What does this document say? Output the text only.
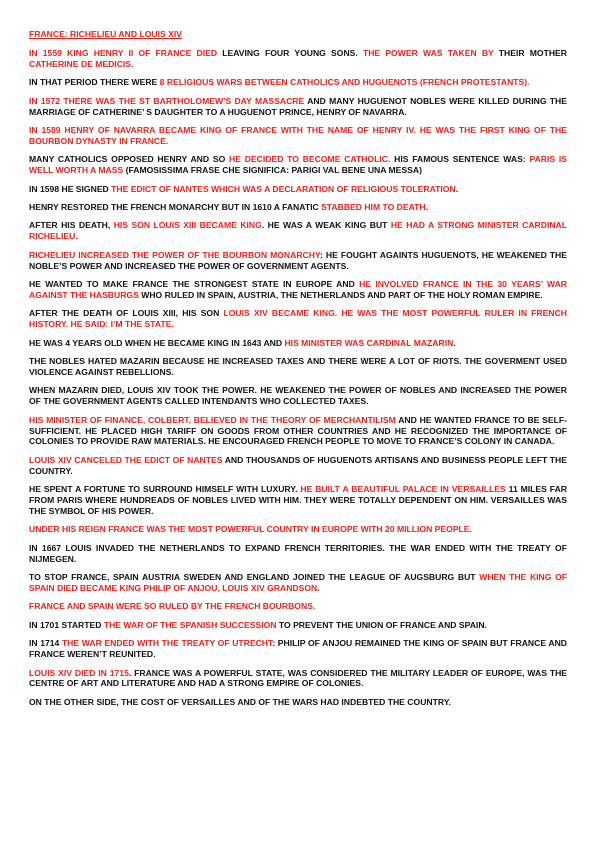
FRANCE: RICHELIEU AND LOUIS XIV

IN 1559 KING HENRY II OF FRANCE DIED LEAVING FOUR YOUNG SONS. THE POWER WAS TAKEN BY THEIR MOTHER CATHERINE DE MEDICIS.

IN THAT PERIOD THERE WERE 8 RELIGIOUS WARS BETWEEN CATHOLICS AND HUGUENOTS (FRENCH PROTESTANTS).

IN 1572 THERE WAS THE ST BARTHOLOMEW’S DAY MASSACRE AND MANY HUGUENOT NOBLES WERE KILLED DURING THE MARRIAGE OF CATHERINE’ S DAUGHTER TO A HUGUENOT PRINCE, HENRY OF NAVARRA.

IN 1589 HENRY OF NAVARRA BECAME KING OF FRANCE WITH THE NAME OF HENRY IV. HE WAS THE FIRST KING OF THE BOURBON DYNASTY IN FRANCE.

MANY CATHOLICS OPPOSED HENRY AND SO HE DECIDED TO BECOME CATHOLIC. HIS FAMOUS SENTENCE WAS: PARIS IS WELL WORTH A MASS (FAMOSISSIMA FRASE CHE SIGNIFICA: PARIGI VAL BENE UNA MESSA)

IN 1598 HE SIGNED THE EDICT OF NANTES WHICH WAS A DECLARATION OF RELIGIOUS TOLERATION.

HENRY RESTORED THE FRENCH MONARCHY BUT IN 1610 A FANATIC STABBED HIM TO DEATH.

AFTER HIS DEATH, HIS SON LOUIS XIII BECAME KING. HE WAS A WEAK KING BUT HE HAD A STRONG MINISTER CARDINAL RICHELIEU.

RICHELIEU INCREASED THE POWER OF THE BOURBON MONARCHY: HE FOUGHT AGAINTS HUGUENOTS, HE WEAKENED THE NOBLE’S POWER AND INCREASED THE POWER OF GOVERNMENT AGENTS.

HE WANTED TO MAKE FRANCE THE STRONGEST STATE IN EUROPE AND HE INVOLVED FRANCE IN THE 30 YEARS’ WAR AGAINST THE HASBURGS WHO RULED IN SPAIN, AUSTRIA, THE NETHERLANDS AND PART OF THE HOLY ROMAN EMPIRE.

AFTER THE DEATH OF LOUIS XIII, HIS SON LOUIS XIV BECAME KING. HE WAS THE MOST POWERFUL RULER IN FRENCH HISTORY. HE SAID: I’M THE STATE.

HE WAS 4 YEARS OLD WHEN HE BECAME KING IN 1643 AND HIS MINISTER WAS CARDINAL MAZARIN.

THE NOBLES HATED MAZARIN BECAUSE HE INCREASED TAXES AND THERE WERE A LOT OF RIOTS. THE GOVERMENT USED VIOLENCE AGAINST REBELLIONS.

WHEN MAZARIN DIED, LOUIS XIV TOOK THE POWER. HE WEAKENED THE POWER OF NOBLES AND INCREASED THE POWER OF THE GOVERNMENT AGENTS CALLED INTENDANTS WHO COLLECTED TAXES.

HIS MINISTER OF FINANCE, COLBERT, BELIEVED IN THE THEORY OF MERCHANTILISM AND HE WANTED FRANCE TO BE SELF-SUFFICIENT. HE PLACED HIGH TARIFF ON GOODS FROM OTHER COUNTRIES AND HE RECOGNIZED THE IMPORTANCE OF COLONIES TO PROVIDE RAW MATERIALS. HE ENCOURAGED FRENCH PEOPLE TO MOVE TO FRANCE’S COLONY IN CANADA.

LOUIS XIV CANCELED THE EDICT OF NANTES AND THOUSANDS OF HUGUENOTS ARTISANS AND BUSINESS PEOPLE LEFT THE COUNTRY.

HE SPENT A FORTUNE TO SURROUND HIMSELF WITH LUXURY. HE BUILT A BEAUTIFUL PALACE IN VERSAILLES 11 MILES FAR FROM PARIS WHERE HUNDREADS OF NOBLES LIVED WITH HIM. THEY WERE TOTALLY DEPENDENT ON HIM. VERSAILLES WAS THE SYMBOL OF HIS POWER.

UNDER HIS REIGN FRANCE WAS THE MOST POWERFUL COUNTRY IN EUROPE WITH 20 MILLION PEOPLE.

IN 1667 LOUIS INVADED THE NETHERLANDS TO EXPAND FRENCH TERRITORIES. THE WAR ENDED WITH THE TREATY OF NIJMEGEN.

TO STOP FRANCE, SPAIN AUSTRIA SWEDEN AND ENGLAND JOINED THE LEAGUE OF AUGSBURG BUT WHEN THE KING OF SPAIN DIED BECAME KING PHILIP OF ANJOU, LOUIS XIV GRANDSON.

FRANCE AND SPAIN WERE SO RULED BY THE FRENCH BOURBONS.

IN 1701 STARTED THE WAR OF THE SPANISH SUCCESSION TO PREVENT THE UNION OF FRANCE AND SPAIN.

IN 1714 THE WAR ENDED WITH THE TREATY OF UTRECHT: PHILIP OF ANJOU REMAINED THE KING OF SPAIN BUT FRANCE AND FRANCE WEREN’T REUNITED.

LOUIS XIV DIED IN 1715. FRANCE WAS A POWERFUL STATE, WAS CONSIDERED THE MILITARY LEADER OF EUROPE, WAS THE CENTRE OF ART AND LITERATURE AND HAD A STRONG EMPIRE OF COLONIES.

ON THE OTHER SIDE, THE COST OF VERSAILLES AND OF THE WARS HAD INDEBTED THE COUNTRY.
